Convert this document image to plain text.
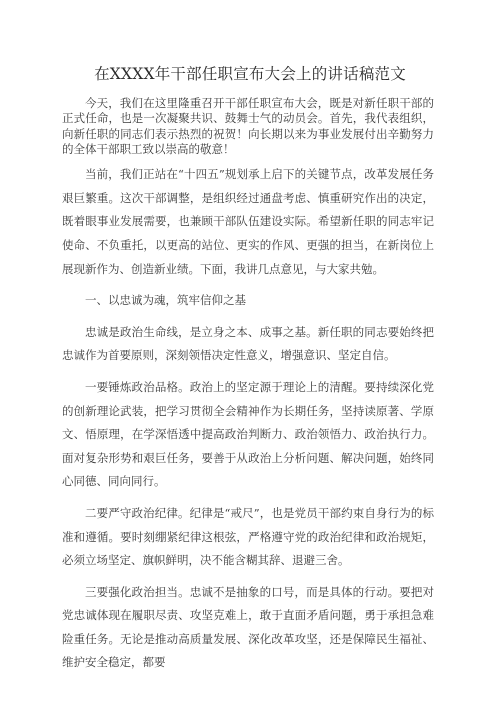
在XXXX年干部任职宣布大会上的讲话稿范文

今天，我们在这里隆重召开干部任职宣布大会，既是对新任职干部的正式任命，也是一次凝聚共识、鼓舞士气的动员会。首先，我代表组织，向新任职的同志们表示热烈的祝贺！向长期以来为事业发展付出辛勤努力的全体干部职工致以崇高的敬意！

当前，我们正站在“十四五”规划承上启下的关键节点，改革发展任务艰巨繁重。这次干部调整，是组织经过通盘考虑、慎重研究作出的决定，既着眼事业发展需要，也兼顾干部队伍建设实际。希望新任职的同志牢记使命、不负重托，以更高的站位、更实的作风、更强的担当，在新岗位上展现新作为、创造新业绩。下面，我讲几点意见，与大家共勉。

一、以忠诚为魂，筑牢信仰之基

忠诚是政治生命线，是立身之本、成事之基。新任职的同志要始终把忠诚作为首要原则，深刻领悟决定性意义，增强意识、坚定自信。

一要锤炼政治品格。政治上的坚定源于理论上的清醒。要持续深化党的创新理论武装，把学习贯彻全会精神作为长期任务，坚持读原著、学原文、悟原理，在学深悟透中提高政治判断力、政治领悟力、政治执行力。面对复杂形势和艰巨任务，要善于从政治上分析问题、解决问题，始终同心同德、同向同行。

二要严守政治纪律。纪律是“戒尺”，也是党员干部约束自身行为的标准和遵循。要时刻绷紧纪律这根弦，严格遵守党的政治纪律和政治规矩，必须立场坚定、旗帜鲜明，决不能含糊其辞、退避三舍。

三要强化政治担当。忠诚不是抽象的口号，而是具体的行动。要把对党忠诚体现在履职尽责、攻坚克难上，敢于直面矛盾问题，勇于承担急难险重任务。无论是推动高质量发展、深化改革攻坚，还是保障民生福祉、维护安全稳定，都要
